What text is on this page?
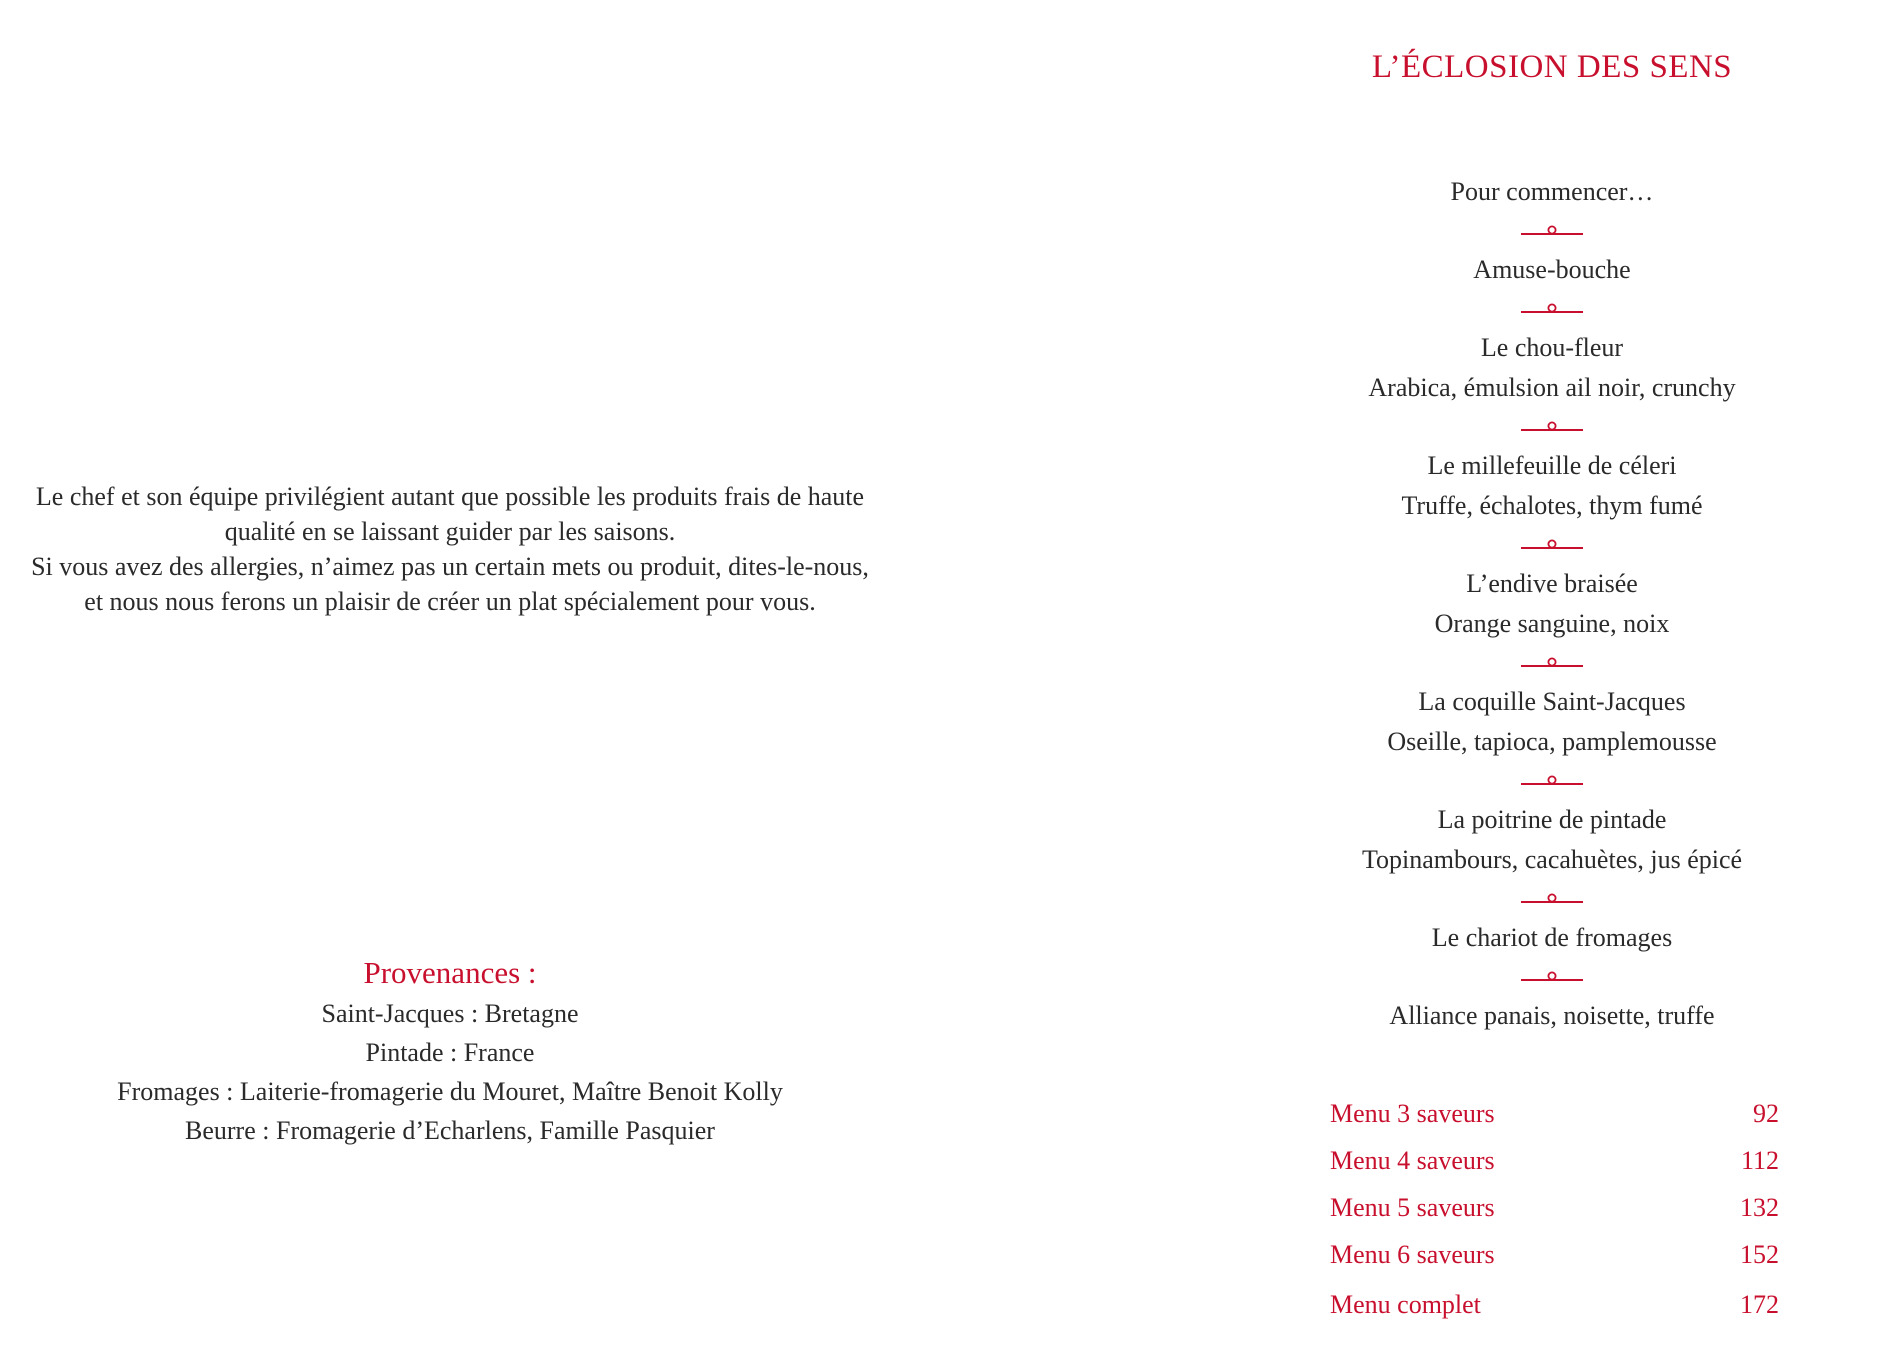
Le chef et son équipe privilégient autant que possible les produits frais de haute
qualité en se laissant guider par les saisons.
Si vous avez des allergies, n’aimez pas un certain mets ou produit, dites-le-nous,
et nous nous ferons un plaisir de créer un plat spécialement pour vous.
Provenances :
Saint-Jacques : Bretagne
Pintade : France
Fromages : Laiterie-fromagerie du Mouret, Maître Benoit Kolly
Beurre : Fromagerie d’Echarlens, Famille Pasquier
L’ÉCLOSION DES SENS
Pour commencer…
Amuse-bouche
Le chou-fleur
Arabica, émulsion ail noir, crunchy
Le millefeuille de céleri
Truffe, échalotes, thym fumé
L’endive braisée
Orange sanguine, noix
La coquille Saint-Jacques
Oseille, tapioca, pamplemousse
La poitrine de pintade
Topinambours, cacahuètes, jus épicé
Le chariot de fromages
Alliance panais, noisette, truffe
Menu 3 saveurs	92
Menu 4 saveurs	112
Menu 5 saveurs	132
Menu 6 saveurs	152
Menu complet	172
